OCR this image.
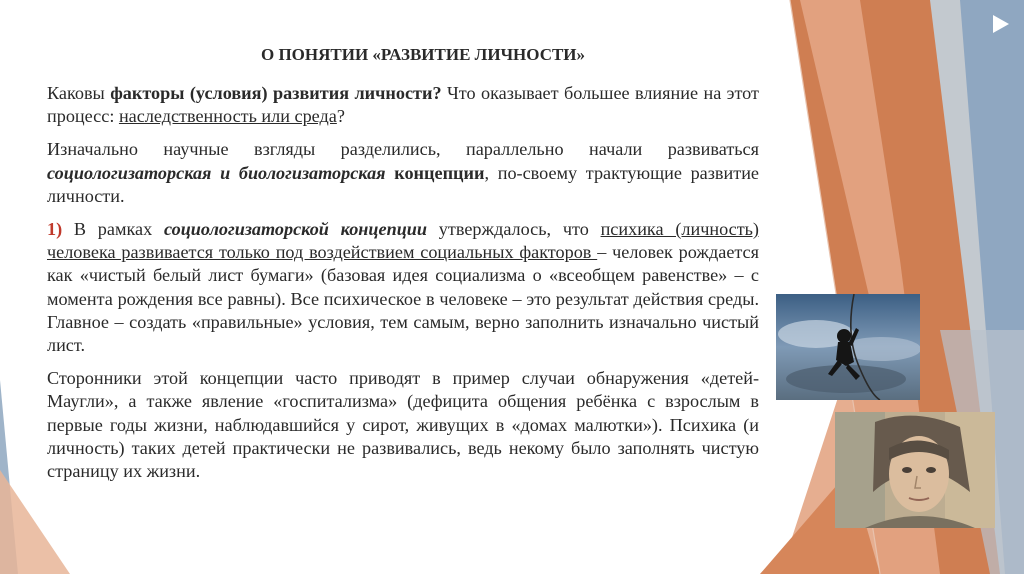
О ПОНЯТИИ «РАЗВИТИЕ ЛИЧНОСТИ»

Каковы факторы (условия) развития личности? Что оказывает большее влияние на этот процесс: наследственность или среда?

Изначально научные взгляды разделились, параллельно начали развиваться социологизаторская и биологизаторская концепции, по-своему трактующие развитие личности.

1) В рамках социологизаторской концепции утверждалось, что психика (личность) человека развивается только под воздействием социальных факторов – человек рождается как «чистый белый лист бумаги» (базовая идея социализма о «всеобщем равенстве» – с момента рождения все равны). Все психическое в человеке – это результат действия среды. Главное – создать «правильные» условия, тем самым, верно заполнить изначально чистый лист.

Сторонники этой концепции часто приводят в пример случаи обнаружения «детей-Маугли», а также явление «госпитализма» (дефицита общения ребёнка с взрослым в первые годы жизни, наблюдавшийся у сирот, живущих в «домах малютки»). Психика (и личность) таких детей практически не развивались, ведь некому было заполнять чистую страницу их жизни.
